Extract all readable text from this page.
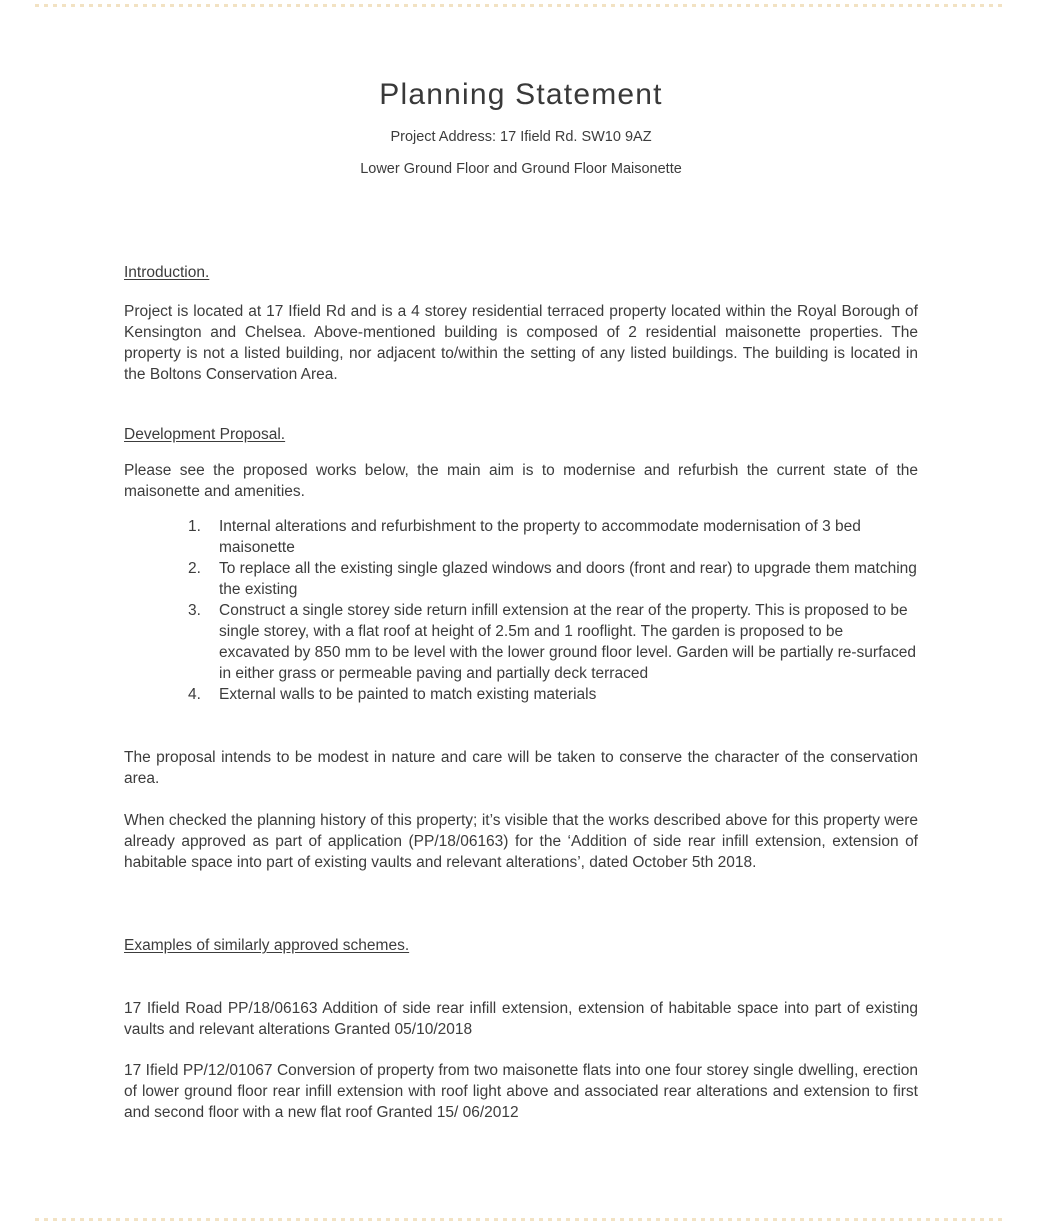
Planning Statement

Project Address: 17 Ifield Rd. SW10 9AZ

Lower Ground Floor and Ground Floor Maisonette

Introduction.

Project is located at 17 Ifield Rd and is a 4 storey residential terraced property located within the Royal Borough of Kensington and Chelsea. Above-mentioned building is composed of 2 residential maisonette properties. The property is not a listed building, nor adjacent to/within the setting of any listed buildings. The building is located in the Boltons Conservation Area.

Development Proposal.

Please see the proposed works below, the main aim is to modernise and refurbish the current state of the maisonette and amenities.

1.	Internal alterations and refurbishment to the property to accommodate modernisation of 3 bed maisonette
2.	To replace all the existing single glazed windows and doors (front and rear) to upgrade them matching the existing
3.	Construct a single storey side return infill extension at the rear of the property. This is proposed to be single storey, with a flat roof at height of 2.5m and 1 rooflight. The garden is proposed to be excavated by 850 mm to be level with the lower ground floor level. Garden will be partially re-surfaced in either grass or permeable paving and partially deck terraced
4.	External walls to be painted to match existing materials

The proposal intends to be modest in nature and care will be taken to conserve the character of the conservation area.

When checked the planning history of this property; it’s visible that the works described above for this property were already approved as part of application (PP/18/06163) for the ‘Addition of side rear infill extension, extension of habitable space into part of existing vaults and relevant alterations’, dated October 5th 2018.

Examples of similarly approved schemes.

17 Ifield Road PP/18/06163 Addition of side rear infill extension, extension of habitable space into part of existing vaults and relevant alterations Granted 05/10/2018

17 Ifield PP/12/01067 Conversion of property from two maisonette flats into one four storey single dwelling, erection of lower ground floor rear infill extension with roof light above and associated rear alterations and extension to first and second floor with a new flat roof Granted 15/ 06/2012
